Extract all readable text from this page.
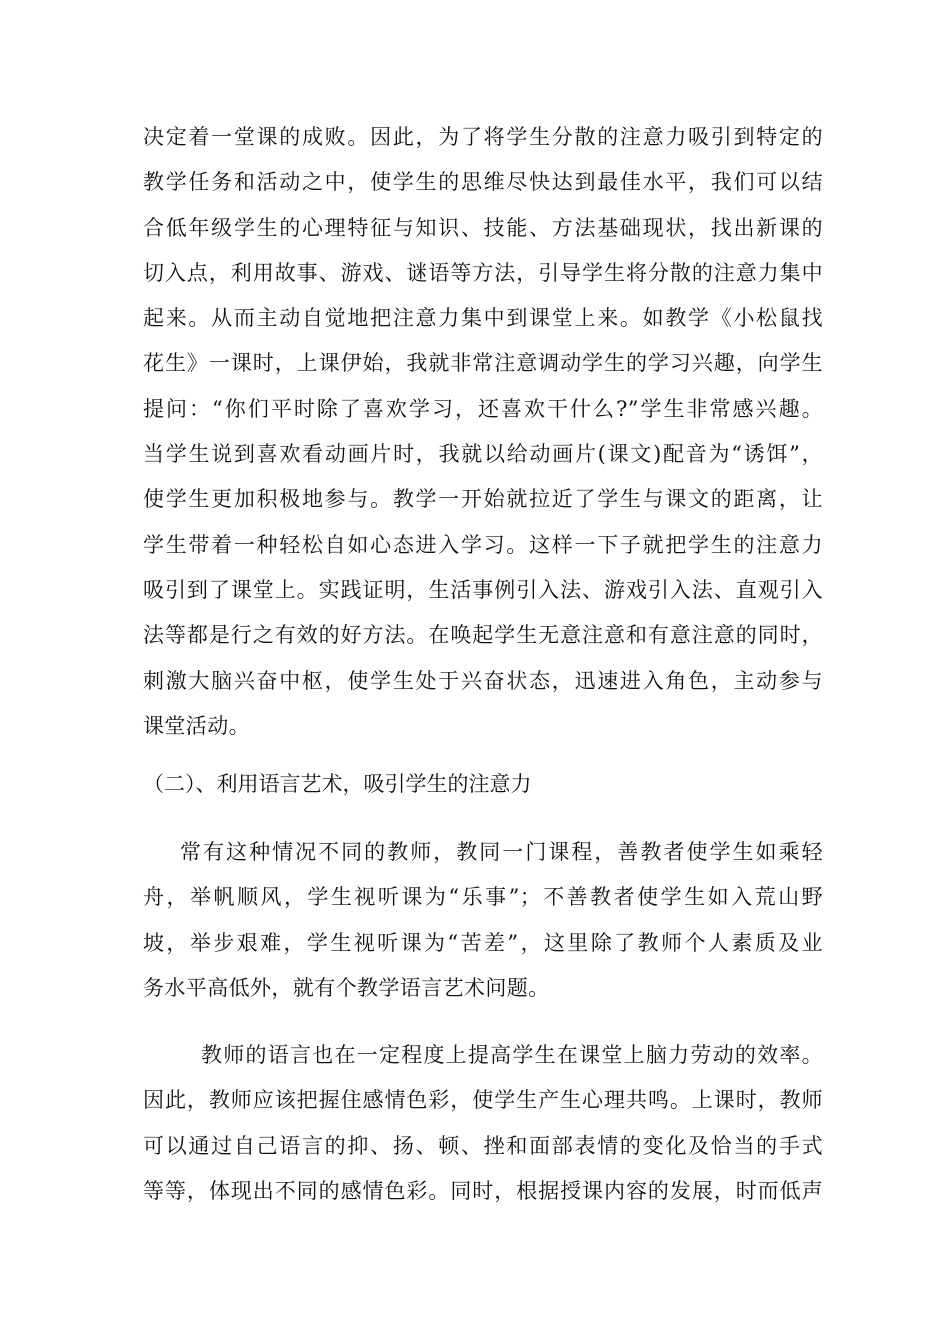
决定着一堂课的成败。因此，为了将学生分散的注意力吸引到特定的
教学任务和活动之中，使学生的思维尽快达到最佳水平，我们可以结
合低年级学生的心理特征与知识、技能、方法基础现状，找出新课的
切入点，利用故事、游戏、谜语等方法，引导学生将分散的注意力集中
起来。从而主动自觉地把注意力集中到课堂上来。如教学《小松鼠找
花生》一课时，上课伊始，我就非常注意调动学生的学习兴趣，向学生
提问：“你们平时除了喜欢学习，还喜欢干什么?”学生非常感兴趣。
当学生说到喜欢看动画片时，我就以给动画片(课文)配音为“诱饵”，
使学生更加积极地参与。教学一开始就拉近了学生与课文的距离，让
学生带着一种轻松自如心态进入学习。这样一下子就把学生的注意力
吸引到了课堂上。实践证明，生活事例引入法、游戏引入法、直观引入
法等都是行之有效的好方法。在唤起学生无意注意和有意注意的同时，
刺激大脑兴奋中枢，使学生处于兴奋状态，迅速进入角色，主动参与
课堂活动。
（二）、利用语言艺术，吸引学生的注意力
常有这种情况不同的教师，教同一门课程，善教者使学生如乘轻
舟，举帆顺风，学生视听课为“乐事”；不善教者使学生如入荒山野
坡，举步艰难，学生视听课为“苦差”，这里除了教师个人素质及业
务水平高低外，就有个教学语言艺术问题。
教师的语言也在一定程度上提高学生在课堂上脑力劳动的效率。
因此，教师应该把握住感情色彩，使学生产生心理共鸣。上课时，教师
可以通过自己语言的抑、扬、顿、挫和面部表情的变化及恰当的手式
等等，体现出不同的感情色彩。同时，根据授课内容的发展，时而低声
